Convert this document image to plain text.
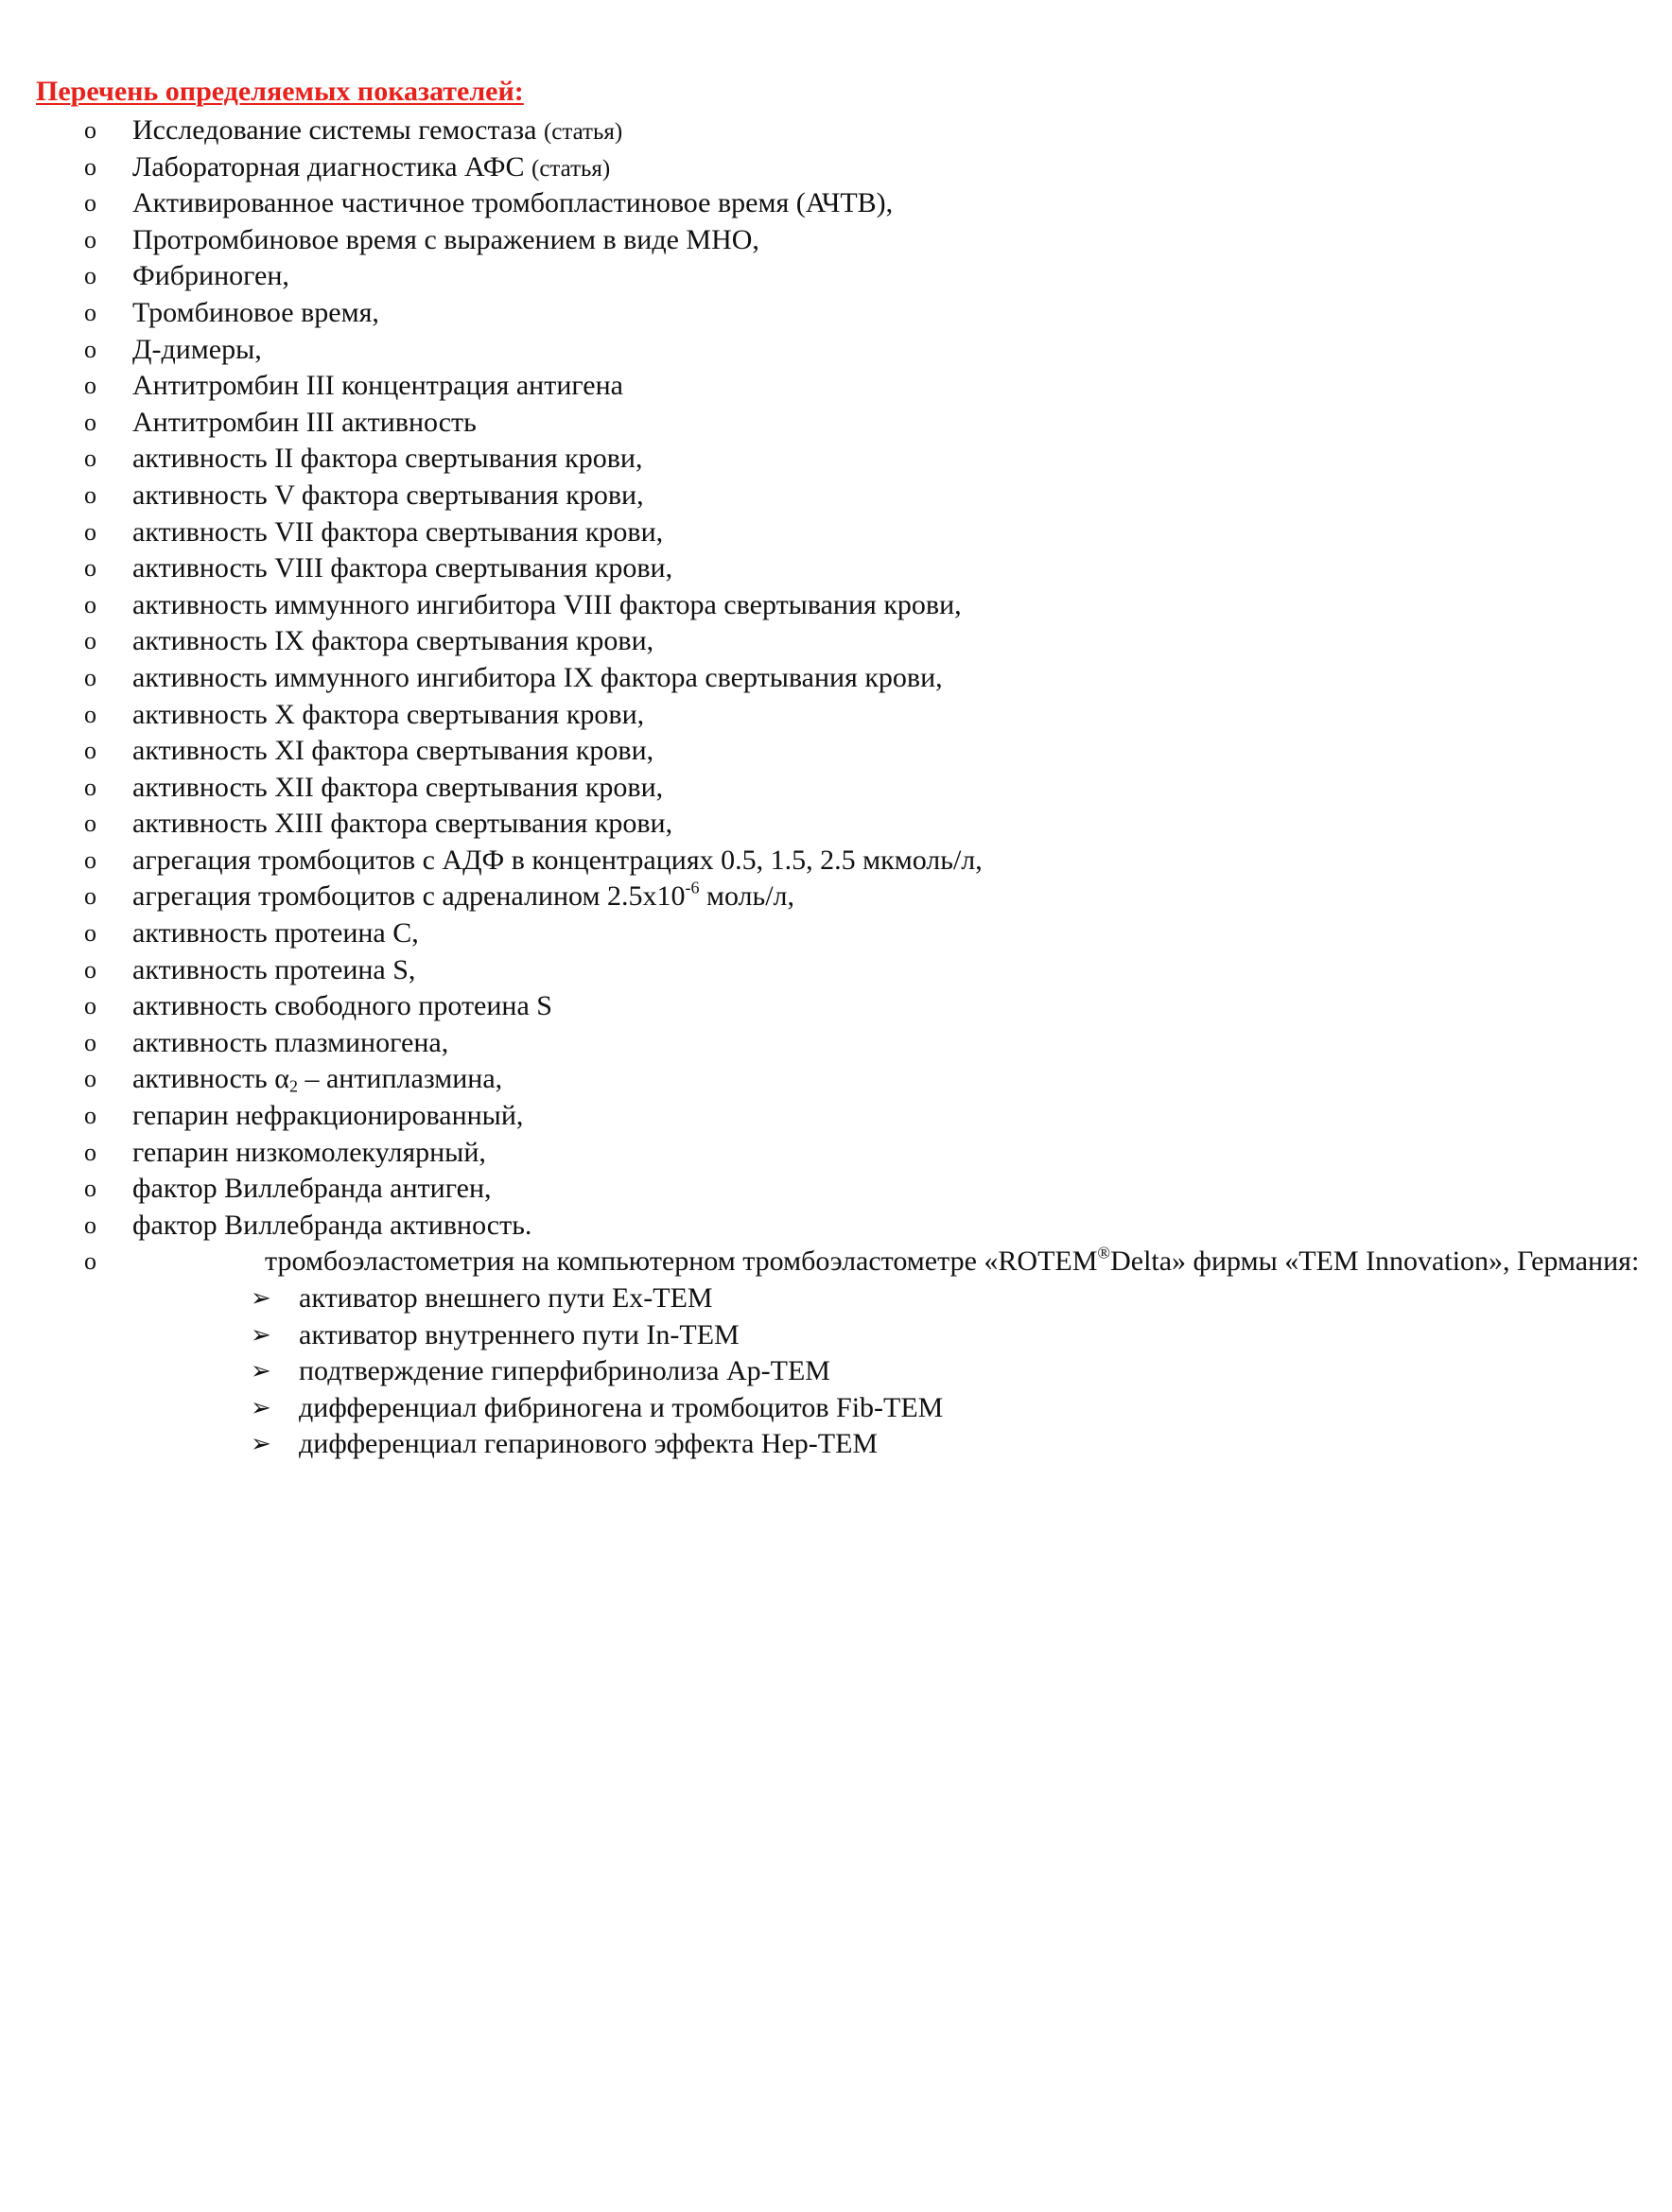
Перечень определяемых показателей:
o Исследование системы гемостаза (статья)
o Лабораторная диагностика АФС (статья)
o Активированное частичное тромбопластиновое время (АЧТВ),
o Протромбиновое время с выражением в виде МНО,
o Фибриноген,
o Тромбиновое время,
o Д-димеры,
o Антитромбин III концентрация антигена
o Антитромбин III активность
o активность II фактора свертывания крови,
o активность V фактора свертывания крови,
o активность VII фактора свертывания крови,
o активность VIII фактора свертывания крови,
o активность иммунного ингибитора VIII фактора свертывания крови,
o активность IX фактора свертывания крови,
o активность иммунного ингибитора IX фактора свертывания крови,
o активность X фактора свертывания крови,
o активность XI фактора свертывания крови,
o активность XII фактора свертывания крови,
o активность XIII фактора свертывания крови,
o агрегация тромбоцитов с АДФ в концентрациях 0.5, 1.5, 2.5 мкмоль/л,
o агрегация тромбоцитов с адреналином $2.5x10^{-6}$ моль/л,
o активность протеина С,
o активность протеина S,
o активность свободного протеина S
o активность плазминогена,
o активность $\alpha_2$ – антиплазмина,
o гепарин нефракционированный,
o гепарин низкомолекулярный,
o фактор Виллебранда антиген,
o фактор Виллебранда активность.
o	тромбоэластометрия на компьютерном тромбоэластометре «ROTEM®Delta» фирмы «TEM Innovation», Германия:
➢ активатор внешнего пути Ex-TEM
➢ активатор внутреннего пути In-TEM
➢ подтверждение гиперфибринолиза Ap-TEM
➢ дифференциал фибриногена и тромбоцитов Fib-TEM
➢ дифференциал гепаринового эффекта Hep-TEM
